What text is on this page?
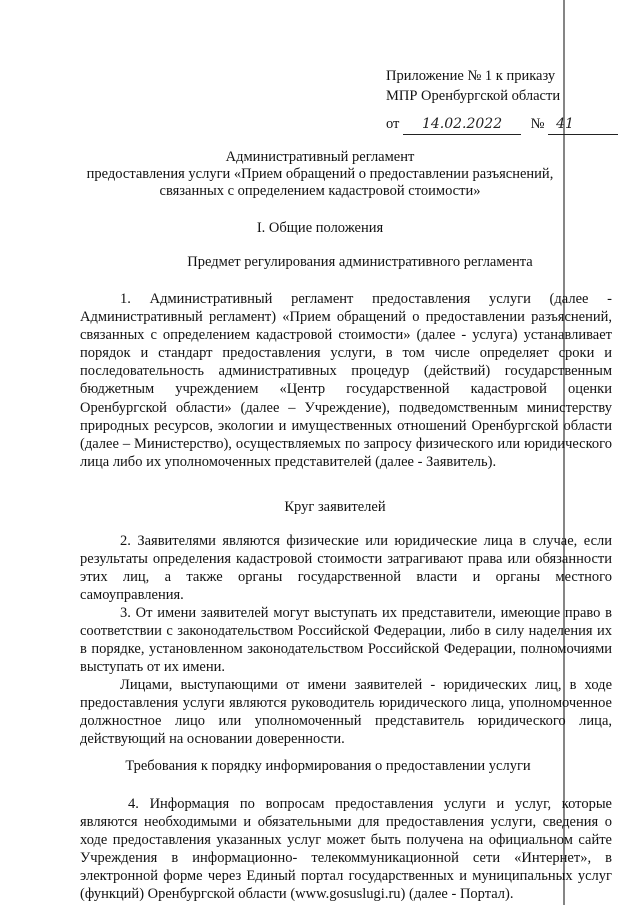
Приложение № 1 к приказу
МПР Оренбургской области
от 14.02.2022 № 41
Административный регламент
предоставления услуги «Прием обращений о предоставлении разъяснений,
связанных с определением кадастровой стоимости»
I. Общие положения
Предмет регулирования административного регламента
1. Административный регламент предоставления услуги (далее - Административный регламент) «Прием обращений о предоставлении разъяснений, связанных с определением кадастровой стоимости» (далее - услуга) устанавливает порядок и стандарт предоставления услуги, в том числе определяет сроки и последовательность административных процедур (действий) государственным бюджетным учреждением «Центр государственной кадастровой оценки Оренбургской области» (далее – Учреждение), подведомственным министерству природных ресурсов, экологии и имущественных отношений Оренбургской области (далее – Министерство), осуществляемых по запросу физического или юридического лица либо их уполномоченных представителей (далее - Заявитель).
Круг заявителей
2. Заявителями являются физические или юридические лица в случае, если результаты определения кадастровой стоимости затрагивают права или обязанности этих лиц, а также органы государственной власти и органы местного самоуправления.
3. От имени заявителей могут выступать их представители, имеющие право в соответствии с законодательством Российской Федерации, либо в силу наделения их в порядке, установленном законодательством Российской Федерации, полномочиями выступать от их имени.
Лицами, выступающими от имени заявителей - юридических лиц, в ходе предоставления услуги являются руководитель юридического лица, уполномоченное должностное лицо или уполномоченный представитель юридического лица, действующий на основании доверенности.
Требования к порядку информирования о предоставлении услуги
4. Информация по вопросам предоставления услуги и услуг, которые являются необходимыми и обязательными для предоставления услуги, сведения о ходе предоставления указанных услуг может быть получена на официальном сайте Учреждения в информационно- телекоммуникационной сети «Интернет», в электронной форме через Единый портал государственных и муниципальных услуг (функций) Оренбургской области (www.gosuslugi.ru) (далее - Портал).
